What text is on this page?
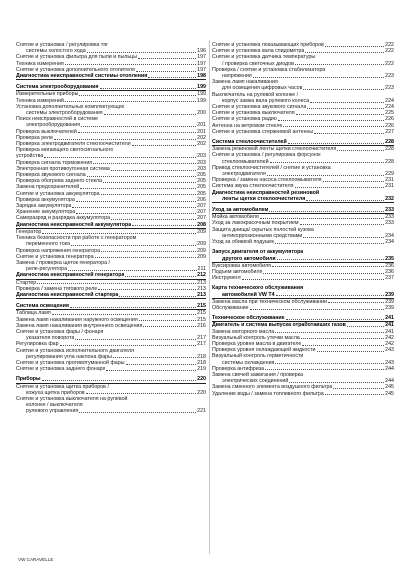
Снятие и установка / регулировка тяг
системы холостого хода	196
Снятие и установка фильтра для пыли и пыльцы	197
Техника измерения	197
Снятие и установка дополнительного отопителя	197
Диагностика неисправностей системы отопления	198
Система электрооборудования	199
Измерительные приборы	199
Техника измерений	199
Установка дополнительных комплектующих
системы электрооборудования	200
Поиск неисправностей в системе
электрооборудования	201
Проверка выключателей	201
Проверка реле	202
Проверка электродвигателя стеклоочистителя	202
Проверка мигающего светосигнального
устройства	203
Проверка сигнала торможения	203
Электронная противоугонная система	203
Проверка звукового сигнала	205
Проверка обогрева заднего стекла	205
Замена предохранителей	205
Снятие и установка аккумулятора	205
Проверка аккумулятора	206
Зарядка аккумулятора	207
Хранение аккумулятора	207
Саморазряд и разрядка аккумулятора	207
Диагностика неисправностей аккумулятора	208
Генератор	209
Техника безопасности при работе с генератором
переменного тока	209
Проверка напряжения генератора	209
Снятие и установка генератора	209
Замена / проверка щеток генератора /
реле-регулятора	211
Диагностика неисправностей генератора	212
Стартер	213
Проверка / замена тягового реле	213
Диагностика неисправностей стартера	213
Система освещения	215
Таблица ламп	215
Замена ламп накаливания наружного освещения	215
Замена ламп накаливания внутреннего освещения	216
Снятие и установка фары / фонаря
указателя поворота	217
Регулировка фар	217
Снятие и установка исполнительного двигателя
регулирования угла наклона фары	218
Снятие и установка противотуманной фары	218
Снятие и установка заднего фонаря	219
Приборы	220
Снятие и установка щитка приборов /
кожуха щитка приборов	220
Снятие и установка выключателя на рулевой
колонке / выключателя
рулевого управления	221
Снятие и установка показывающих приборов	222
Снятие и установка вала спидометра	222
Снятие и установка датчика температуры
/ проверка светочных диодов	222
Проверка / снятие и установка стабилизатора
напряжения	223
Замена ламп накаливания
для освещения цифровых часов	223
Выключатель на рулевой колонке /
корпус замка вала рулевого колеса	224
Снятие и установка звукового сигнала	224
Снятие и установка выключателя	225
Снятие и установка радио	226
Антенна на ветровом стекле	226
Снятие и установка стержневой антенны	227
Система стеклоочистителей	228
Замена резиновой ленты щетки стеклоочистителя	228
Снятие и установка / регулировка форсунок
стеклоомывателей	228
Привод стеклоочистителей / снятие и установка
электродвигателя	229
Проверка / замена насоса стеклоомывателя	231
Система звука стеклоочистителя	231
Диагностика неисправностей резиновой
ленты щетки стеклоочистителя	232
Уход за автомобилем	233
Мойка автомобиля	233
Уход за лакокрасочным покрытием	233
Защита днища/ скрытых полостей кузова
антикоррозионными средствами	234
Уход за обивкой подушек	234
Запуск двигателя от аккумулятора
другого автомобиля	235
Буксировка автомобиля	236
Подъем автомобиля	236
Инструмент	237
Карта технического обслуживания
автомобилей VW T4	239
Замена масла при техническом обслуживании	239
Обслуживание	239
Техническое обслуживание	241
Двигатель и система выпуска отработавших газов	241
Замена моторного масла	241
Визуальный контроль утечки масла	242
Проверка уровня масла в двигателе	242
Проверка уровня охлаждающей жидкости	243
Визуальный контроль герметичности
системы охлаждения	243
Проверка антифриза	244
Замена свечей зажигания / проверка
электрических соединений	244
Замена сменного элемента воздушного фильтра	245
Удаление воды / замена топливного фильтра	245
VW CARAVELLE
